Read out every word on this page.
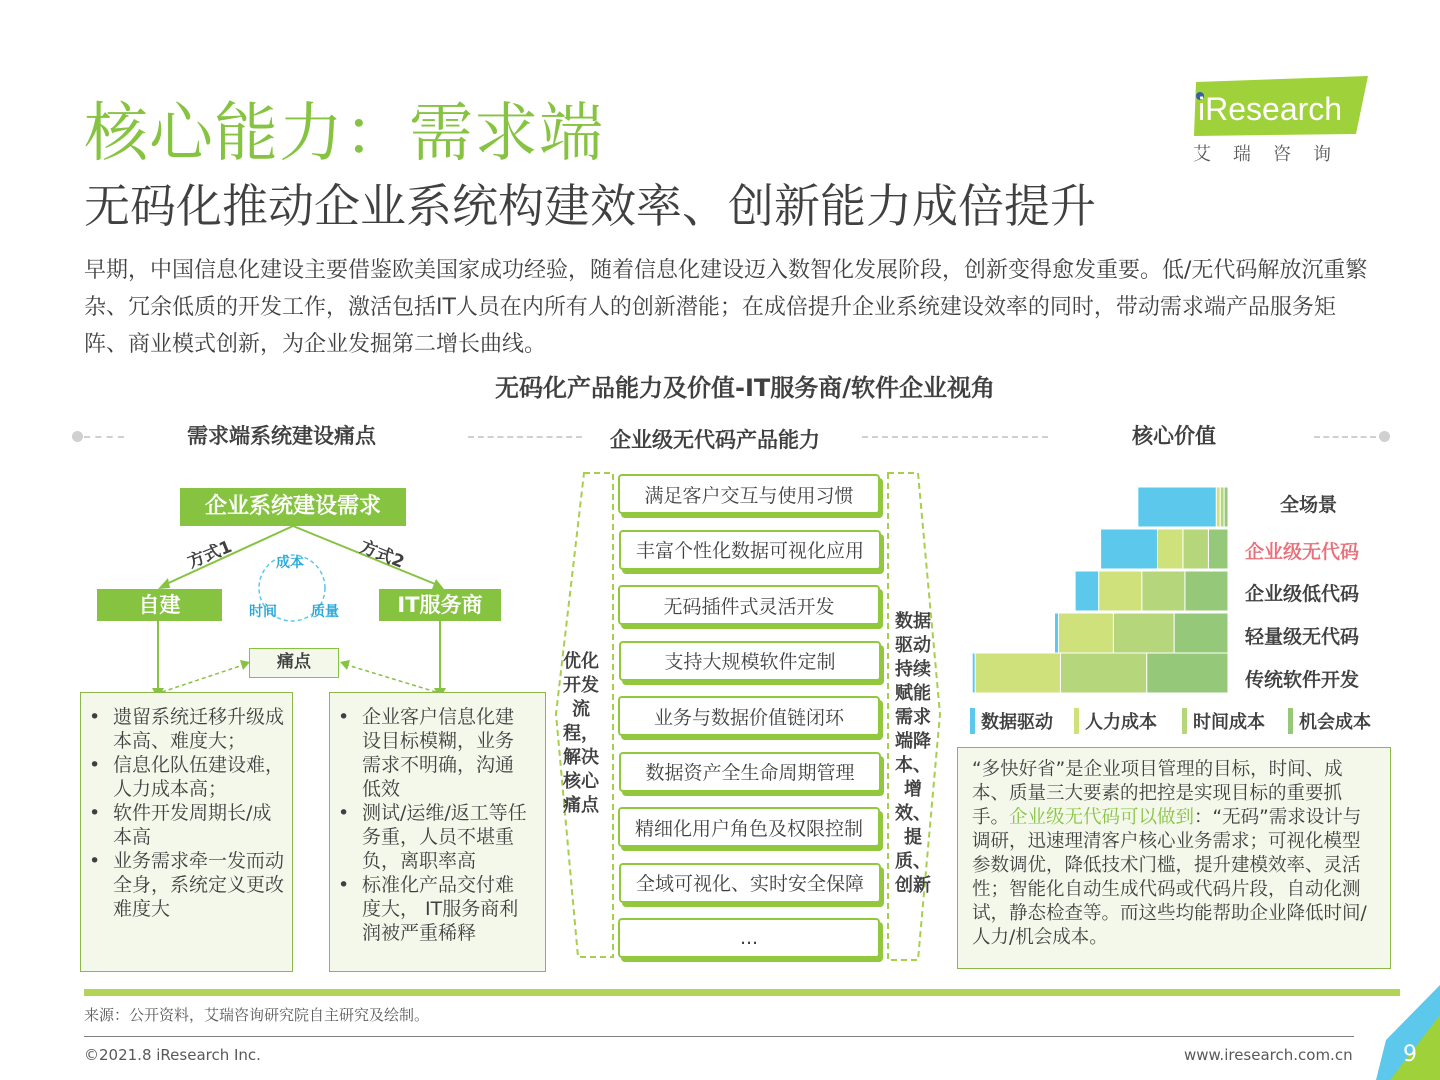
核心能力：需求端
无码化推动企业系统构建效率、创新能力成倍提升
早期，中国信息化建设主要借鉴欧美国家成功经验，随着信息化建设迈入数智化发展阶段，创新变得愈发重要。低/无代码解放沉重繁杂、冗余低质的开发工作，激活包括IT人员在内所有人的创新潜能；在成倍提升企业系统建设效率的同时，带动需求端产品服务矩阵、商业模式创新，为企业发掘第二增长曲线。
iResearch
艾瑞咨询
无码化产品能力及价值-IT服务商/软件企业视角
需求端系统建设痛点	企业级无代码产品能力	核心价值
企业系统建设需求
方式1	方式2
成本
时间 质量
自建	IT服务商
痛点
• 遗留系统迁移升级成本高、难度大；
• 信息化队伍建设难，人力成本高；
• 软件开发周期长/成本高
• 业务需求牵一发而动全身，系统定义更改难度大
• 企业客户信息化建设目标模糊，业务需求不明确，沟通低效
• 测试/运维/返工等任务重，人员不堪重负，离职率高
• 标准化产品交付难度大， IT服务商利润被严重稀释
优化开发流程，解决核心痛点
数据驱动持续赋能需求端降本、增效、提质、创新
满足客户交互与使用习惯
丰富个性化数据可视化应用
无码插件式灵活开发
支持大规模软件定制
业务与数据价值链闭环
数据资产全生命周期管理
精细化用户角色及权限控制
全域可视化、实时安全保障
...
全场景
企业级无代码
企业级低代码
轻量级无代码
传统软件开发
数据驱动 人力成本 时间成本 机会成本
“多快好省”是企业项目管理的目标，时间、成本、质量三大要素的把控是实现目标的重要抓手。企业级无代码可以做到：“无码”需求设计与调研，迅速理清客户核心业务需求；可视化模型参数调优，降低技术门槛，提升建模效率、灵活性；智能化自动生成代码或代码片段，自动化测试，静态检查等。而这些均能帮助企业降低时间/人力/机会成本。
来源：公开资料，艾瑞咨询研究院自主研究及绘制。
©2021.8 iResearch Inc.	www.iresearch.com.cn 9
